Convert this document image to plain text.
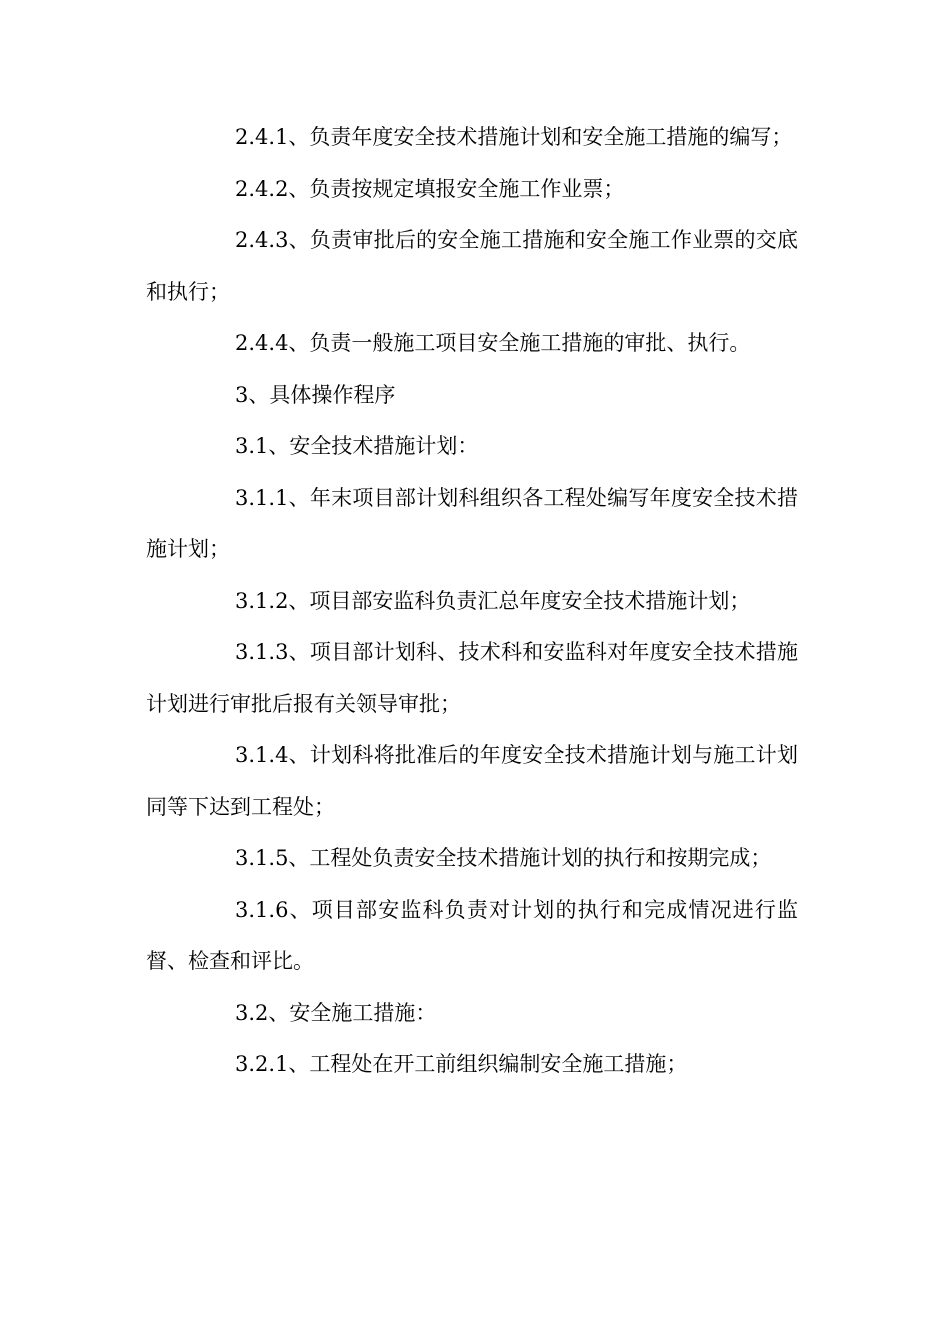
2.4.1、负责年度安全技术措施计划和安全施工措施的编写；

2.4.2、负责按规定填报安全施工作业票；

2.4.3、负责审批后的安全施工措施和安全施工作业票的交底和执行；

2.4.4、负责一般施工项目安全施工措施的审批、执行。

3、具体操作程序

3.1、安全技术措施计划：

3.1.1、年末项目部计划科组织各工程处编写年度安全技术措施计划；

3.1.2、项目部安监科负责汇总年度安全技术措施计划；

3.1.3、项目部计划科、技术科和安监科对年度安全技术措施计划进行审批后报有关领导审批；

3.1.4、计划科将批准后的年度安全技术措施计划与施工计划同等下达到工程处；

3.1.5、工程处负责安全技术措施计划的执行和按期完成；

3.1.6、项目部安监科负责对计划的执行和完成情况进行监督、检查和评比。

3.2、安全施工措施：

3.2.1、工程处在开工前组织编制安全施工措施；
